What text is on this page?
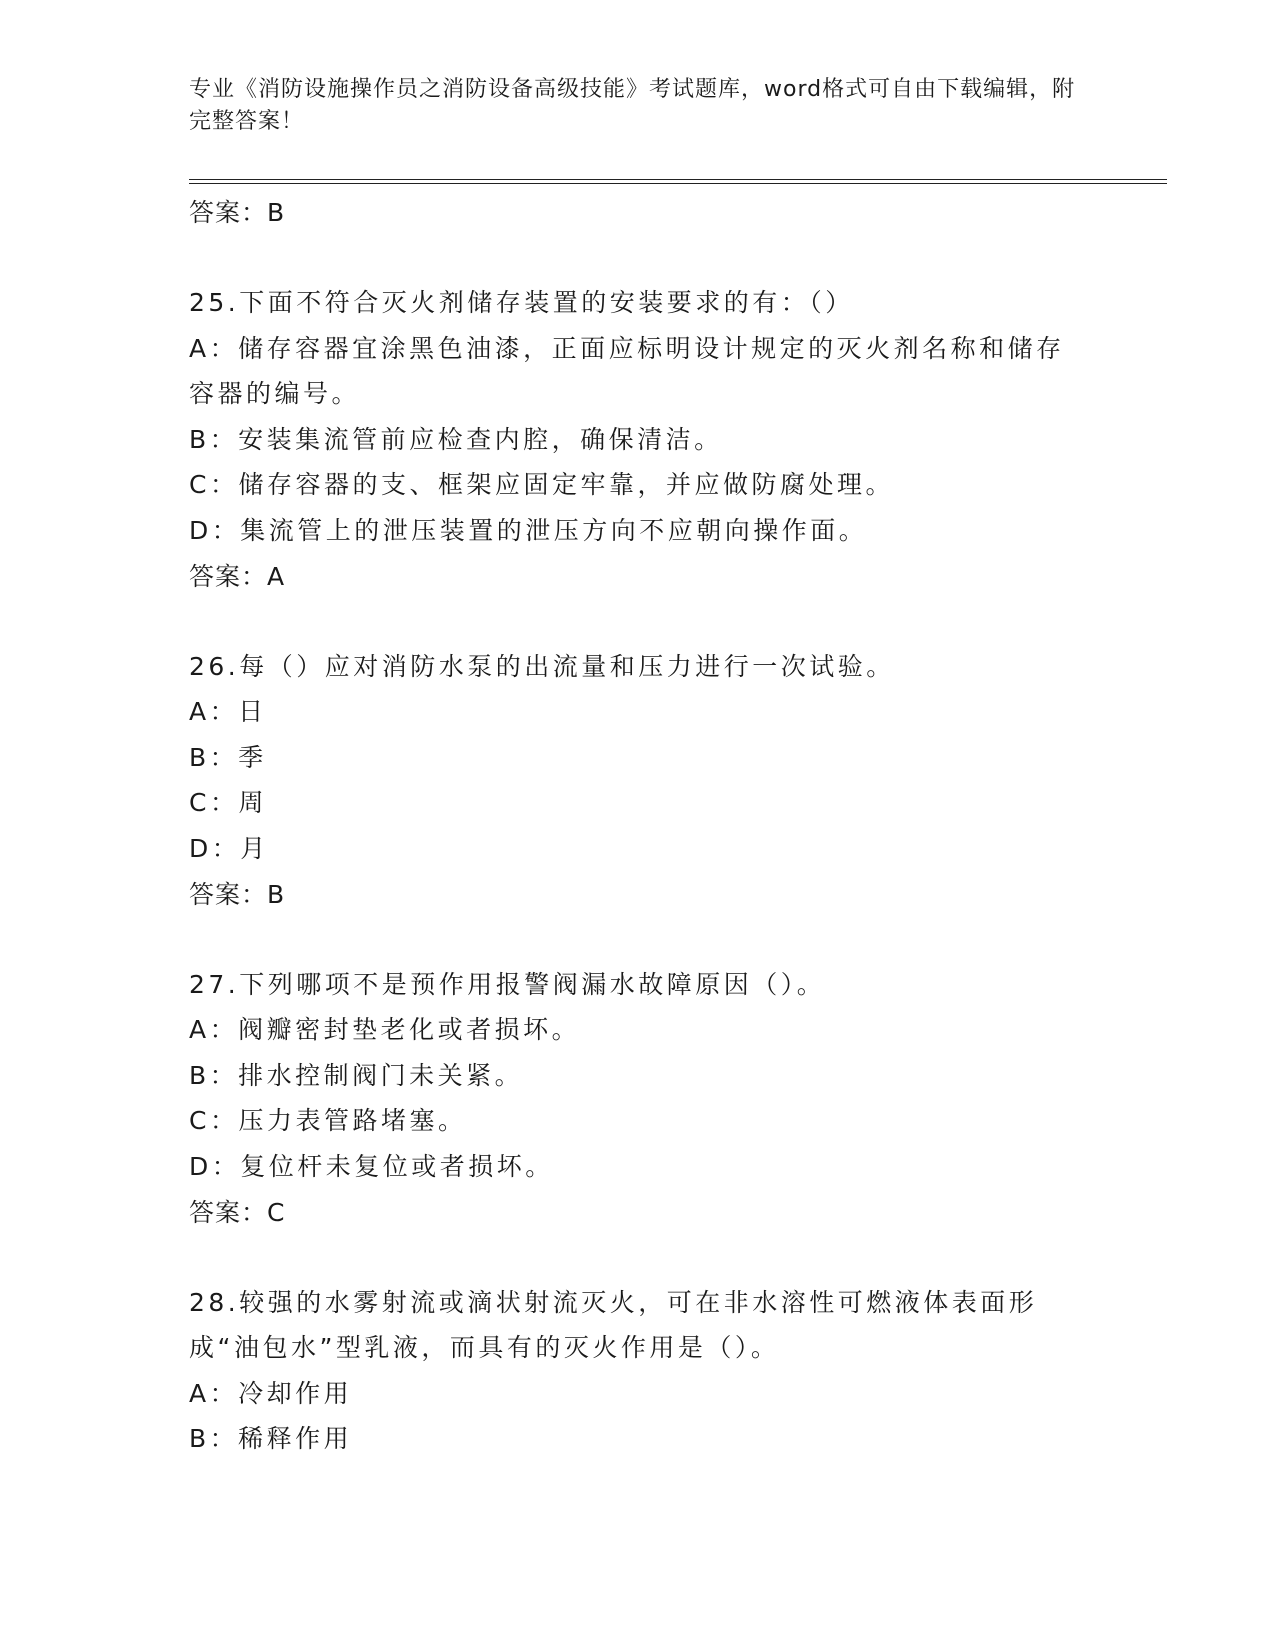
专业《消防设施操作员之消防设备高级技能》考试题库，word格式可自由下载编辑，附完整答案！
答案：B
25.下面不符合灭火剂储存装置的安装要求的有：（）
A：储存容器宜涂黑色油漆，正面应标明设计规定的灭火剂名称和储存容器的编号。
B：安装集流管前应检查内腔，确保清洁。
C：储存容器的支、框架应固定牢靠，并应做防腐处理。
D：集流管上的泄压装置的泄压方向不应朝向操作面。
答案：A
26.每（）应对消防水泵的出流量和压力进行一次试验。
A：日
B：季
C：周
D：月
答案：B
27.下列哪项不是预作用报警阀漏水故障原因（）。
A：阀瓣密封垫老化或者损坏。
B：排水控制阀门未关紧。
C：压力表管路堵塞。
D：复位杆未复位或者损坏。
答案：C
28.较强的水雾射流或滴状射流灭火，可在非水溶性可燃液体表面形成“油包水”型乳液，而具有的灭火作用是（）。
A：冷却作用
B：稀释作用
